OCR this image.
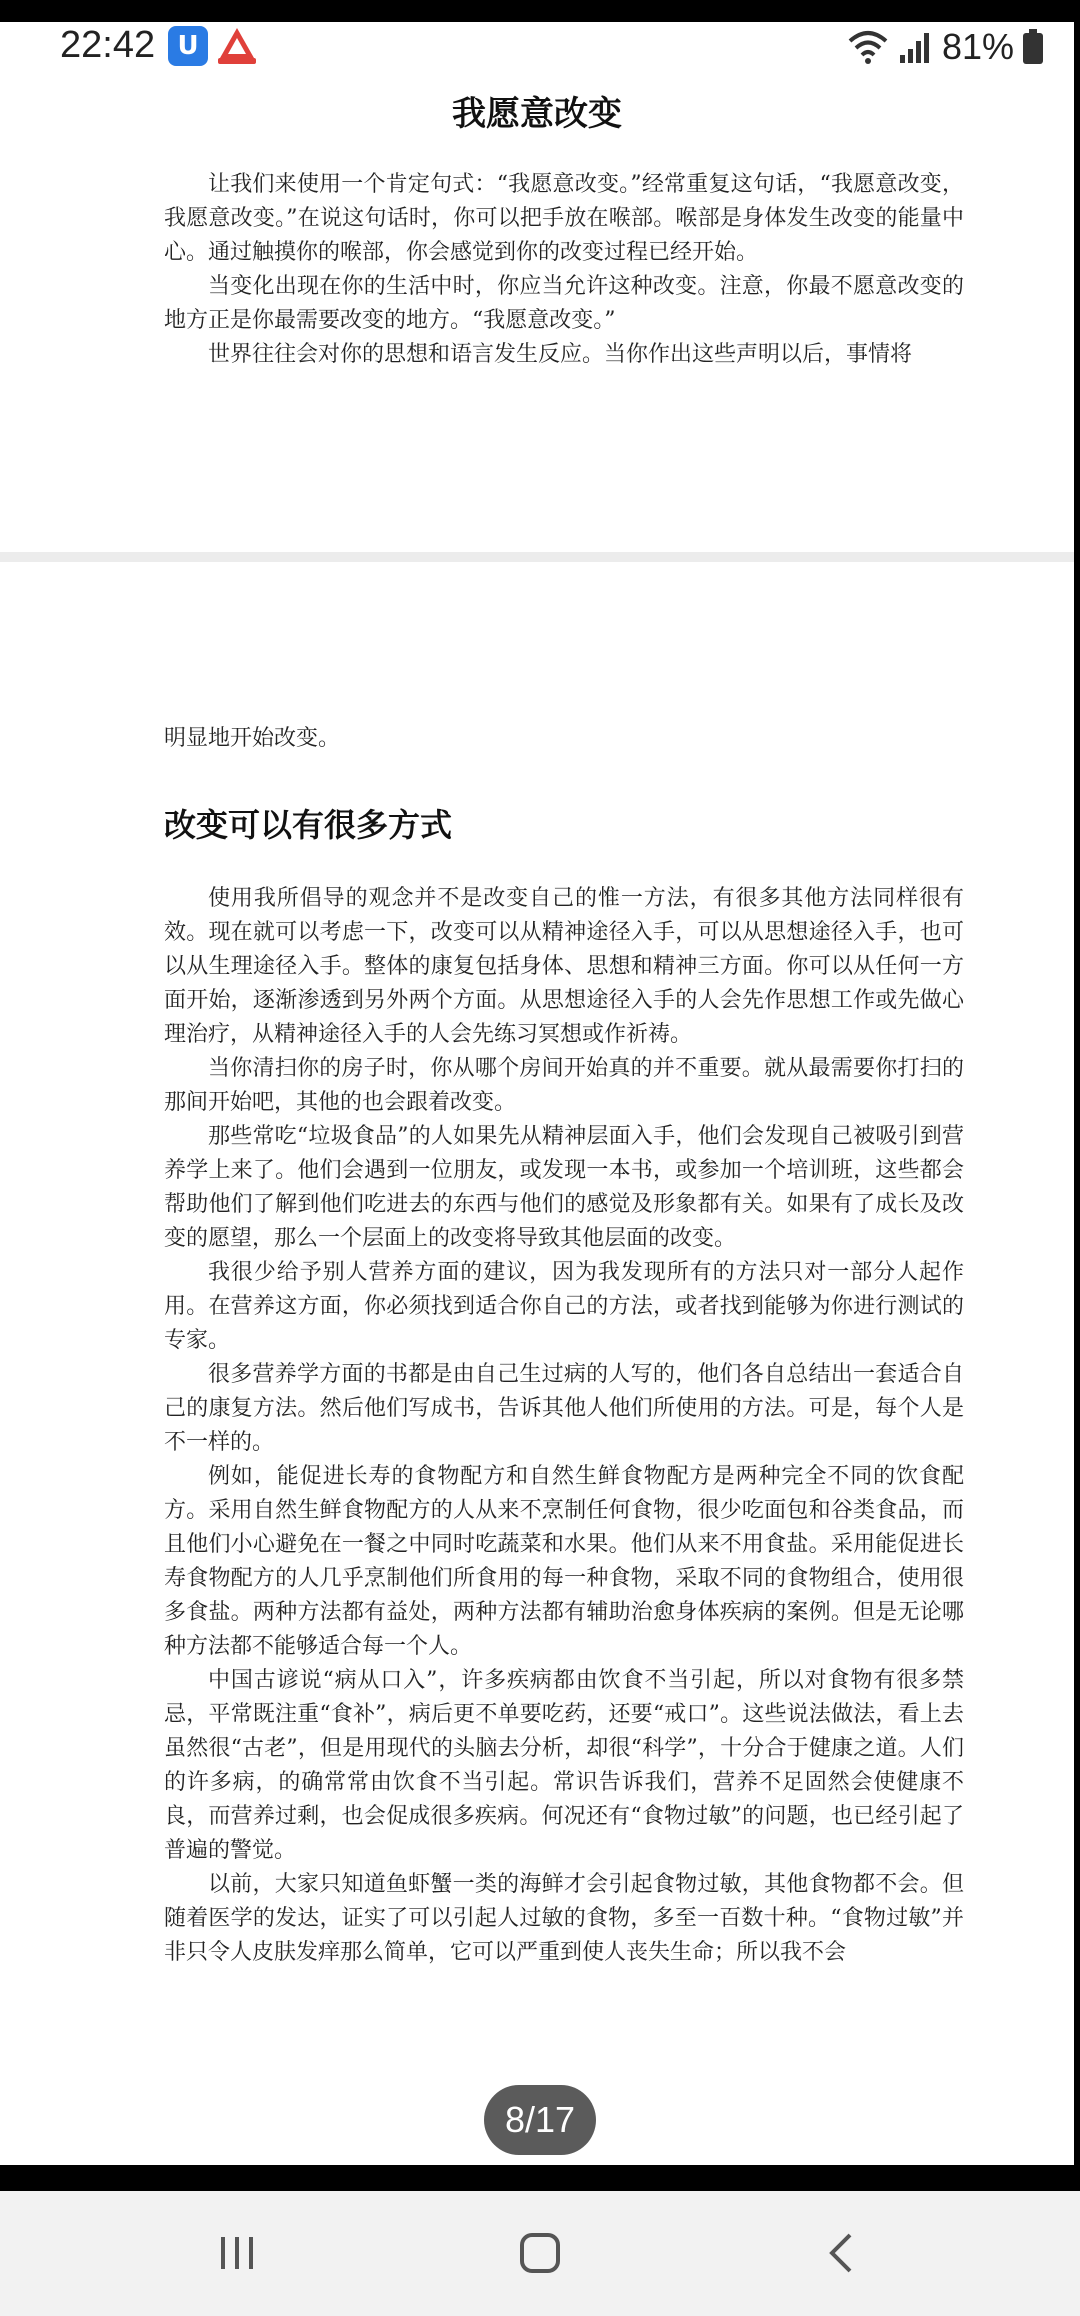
22:42 U	81%
我愿意改变

让我们来使用一个肯定句式：“我愿意改变。”经常重复这句话，“我愿意改变，我愿意改变。”在说这句话时，你可以把手放在喉部。喉部是身体发生改变的能量中心。通过触摸你的喉部，你会感觉到你的改变过程已经开始。

当变化出现在你的生活中时，你应当允许这种改变。注意，你最不愿意改变的地方正是你最需要改变的地方。“我愿意改变。”

世界往往会对你的思想和语言发生反应。当你作出这些声明以后，事情将

明显地开始改变。

改变可以有很多方式

使用我所倡导的观念并不是改变自己的惟一方法，有很多其他方法同样很有效。现在就可以考虑一下，改变可以从精神途径入手，可以从思想途径入手，也可以从生理途径入手。整体的康复包括身体、思想和精神三方面。你可以从任何一方面开始，逐渐渗透到另外两个方面。从思想途径入手的人会先作思想工作或先做心理治疗，从精神途径入手的人会先练习冥想或作祈祷。

当你清扫你的房子时，你从哪个房间开始真的并不重要。就从最需要你打扫的那间开始吧，其他的也会跟着改变。

那些常吃“垃圾食品”的人如果先从精神层面入手，他们会发现自己被吸引到营养学上来了。他们会遇到一位朋友，或发现一本书，或参加一个培训班，这些都会帮助他们了解到他们吃进去的东西与他们的感觉及形象都有关。如果有了成长及改变的愿望，那么一个层面上的改变将导致其他层面的改变。

我很少给予别人营养方面的建议，因为我发现所有的方法只对一部分人起作用。在营养这方面，你必须找到适合你自己的方法，或者找到能够为你进行测试的专家。

很多营养学方面的书都是由自己生过病的人写的，他们各自总结出一套适合自己的康复方法。然后他们写成书，告诉其他人他们所使用的方法。可是，每个人是不一样的。

例如，能促进长寿的食物配方和自然生鲜食物配方是两种完全不同的饮食配方。采用自然生鲜食物配方的人从来不烹制任何食物，很少吃面包和谷类食品，而且他们小心避免在一餐之中同时吃蔬菜和水果。他们从来不用食盐。采用能促进长寿食物配方的人几乎烹制他们所食用的每一种食物，采取不同的食物组合，使用很多食盐。两种方法都有益处，两种方法都有辅助治愈身体疾病的案例。但是无论哪种方法都不能够适合每一个人。

中国古谚说“病从口入”，许多疾病都由饮食不当引起，所以对食物有很多禁忌，平常既注重“食补”，病后更不单要吃药，还要“戒口”。这些说法做法，看上去虽然很“古老”，但是用现代的头脑去分析，却很“科学”，十分合于健康之道。人们的许多病，的确常常由饮食不当引起。常识告诉我们，营养不足固然会使健康不良，而营养过剩，也会促成很多疾病。何况还有“食物过敏”的问题，也已经引起了普遍的警觉。

以前，大家只知道鱼虾蟹一类的海鲜才会引起食物过敏，其他食物都不会。但随着医学的发达，证实了可以引起人过敏的食物，多至一百数十种。“食物过敏”并非只令人皮肤发痒那么简单，它可以严重到使人丧失生命；所以我不会

8/17
